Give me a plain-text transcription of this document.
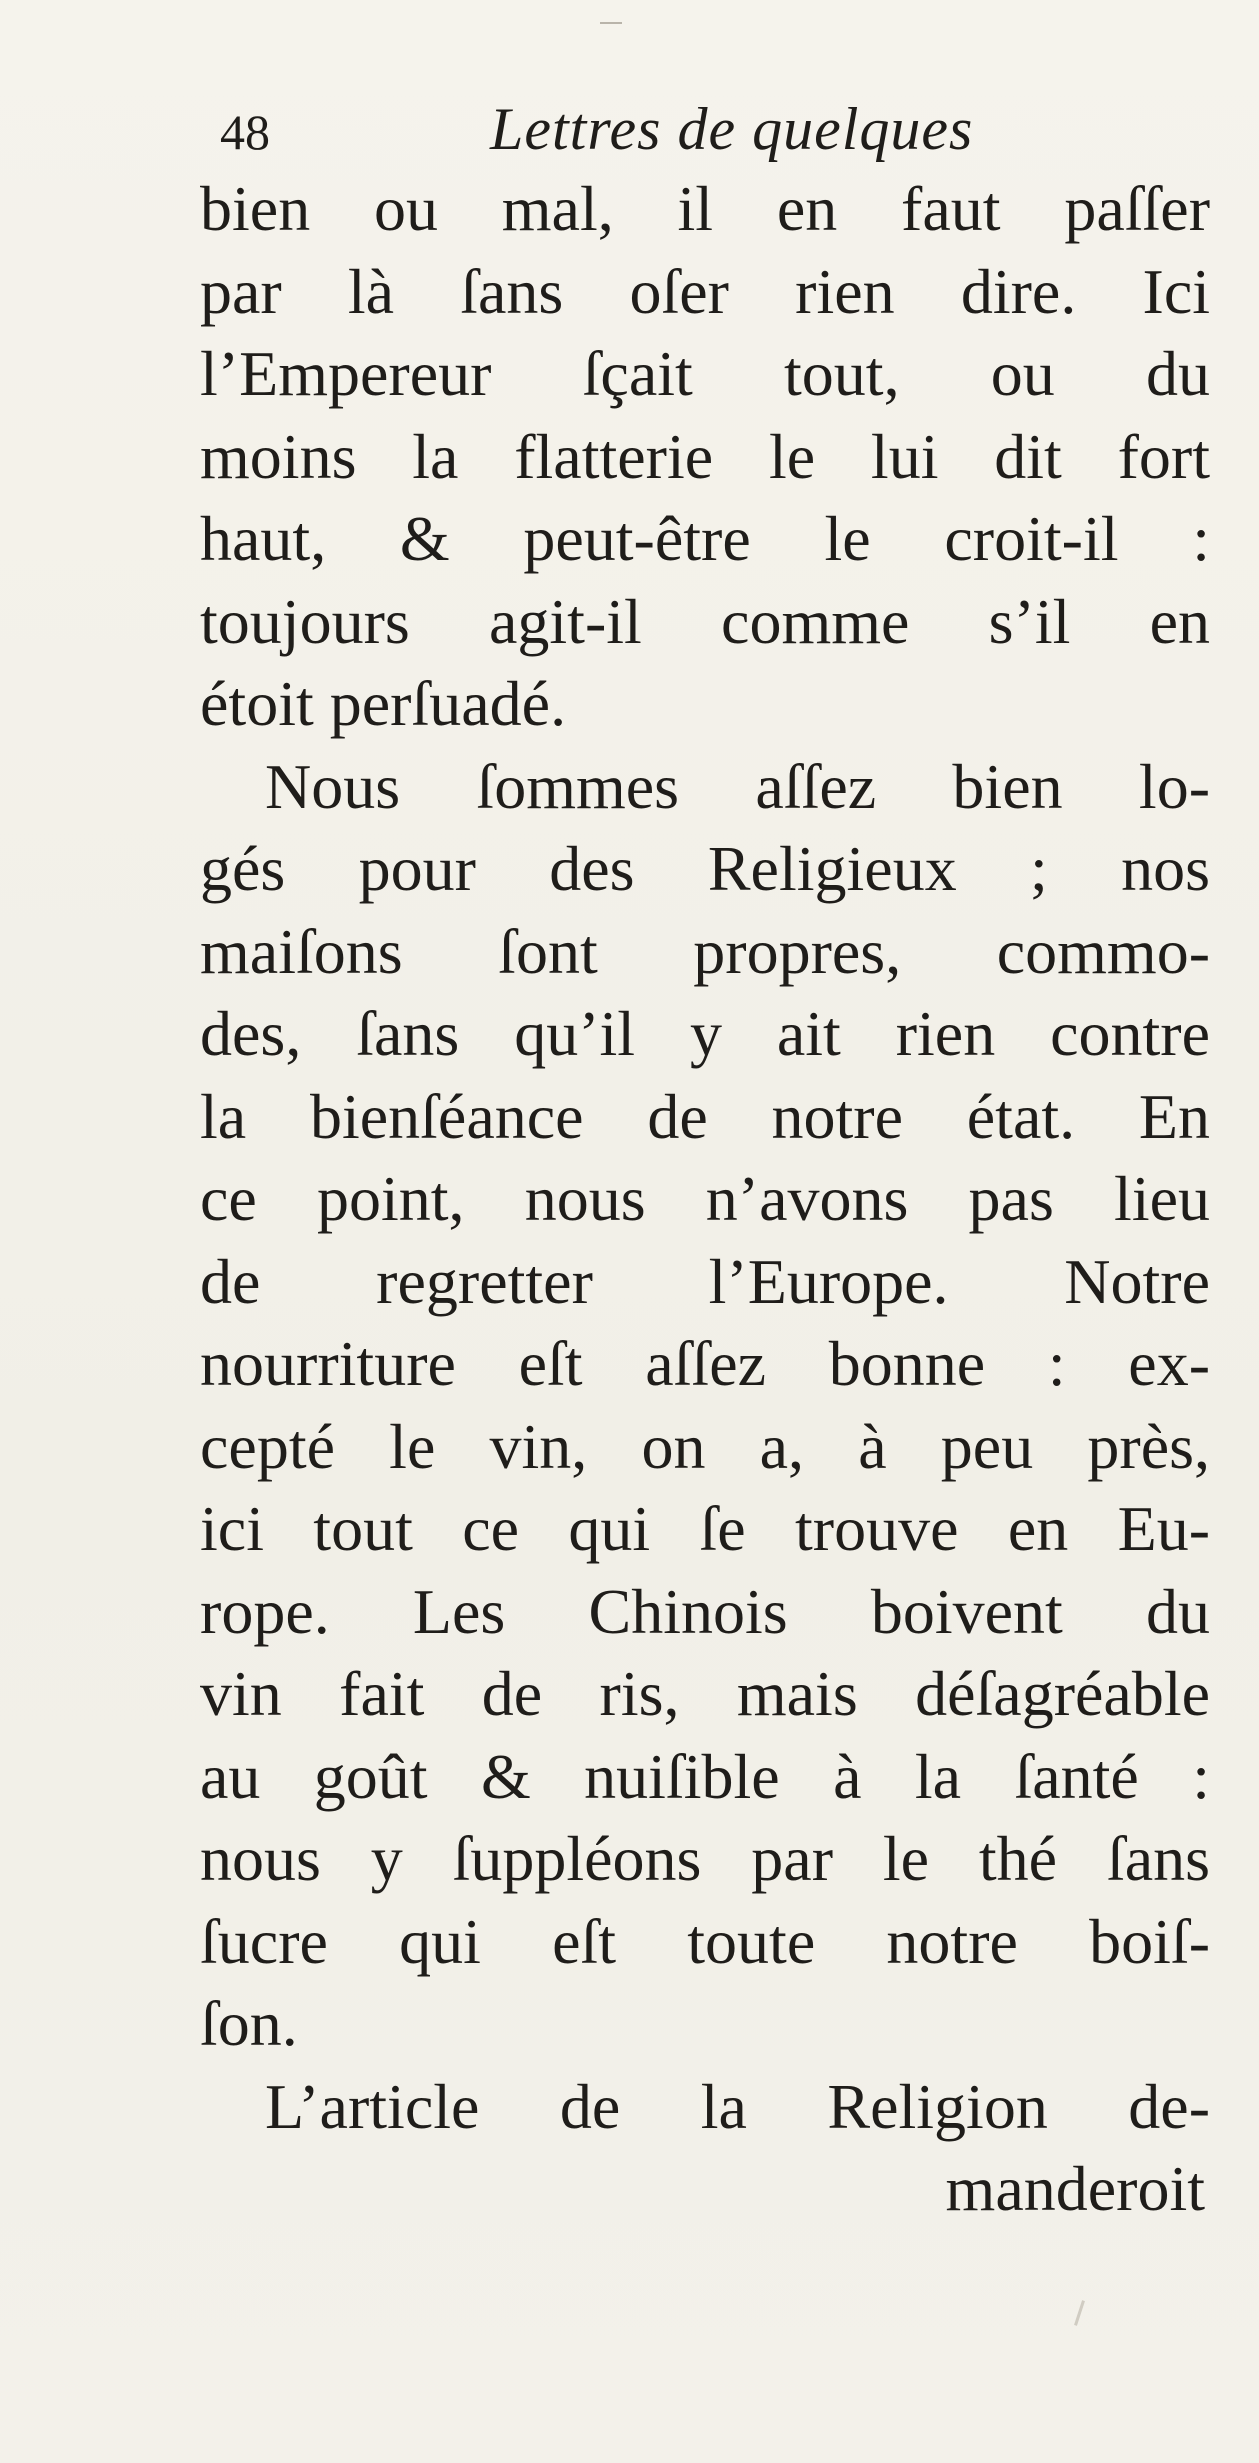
48	Lettres de quelques
bien ou mal, il en faut paſſer
par là ſans oſer rien dire. Ici
l’Empereur ſçait tout, ou du
moins la flatterie le lui dit fort
haut, & peut-être le croit-il :
toujours agit-il comme s’il en
étoit perſuadé.
Nous ſommes aſſez bien lo-
gés pour des Religieux ; nos
maiſons ſont propres, commo-
des, ſans qu’il y ait rien contre
la bienſéance de notre état. En
ce point, nous n’avons pas lieu
de regretter l’Europe. Notre
nourriture eſt aſſez bonne : ex-
cepté le vin, on a, à peu près,
ici tout ce qui ſe trouve en Eu-
rope. Les Chinois boivent du
vin fait de ris, mais déſagréable
au goût & nuiſible à la ſanté :
nous y ſuppléons par le thé ſans
ſucre qui eſt toute notre boiſ-
ſon.
L’article de la Religion de-
manderoit
